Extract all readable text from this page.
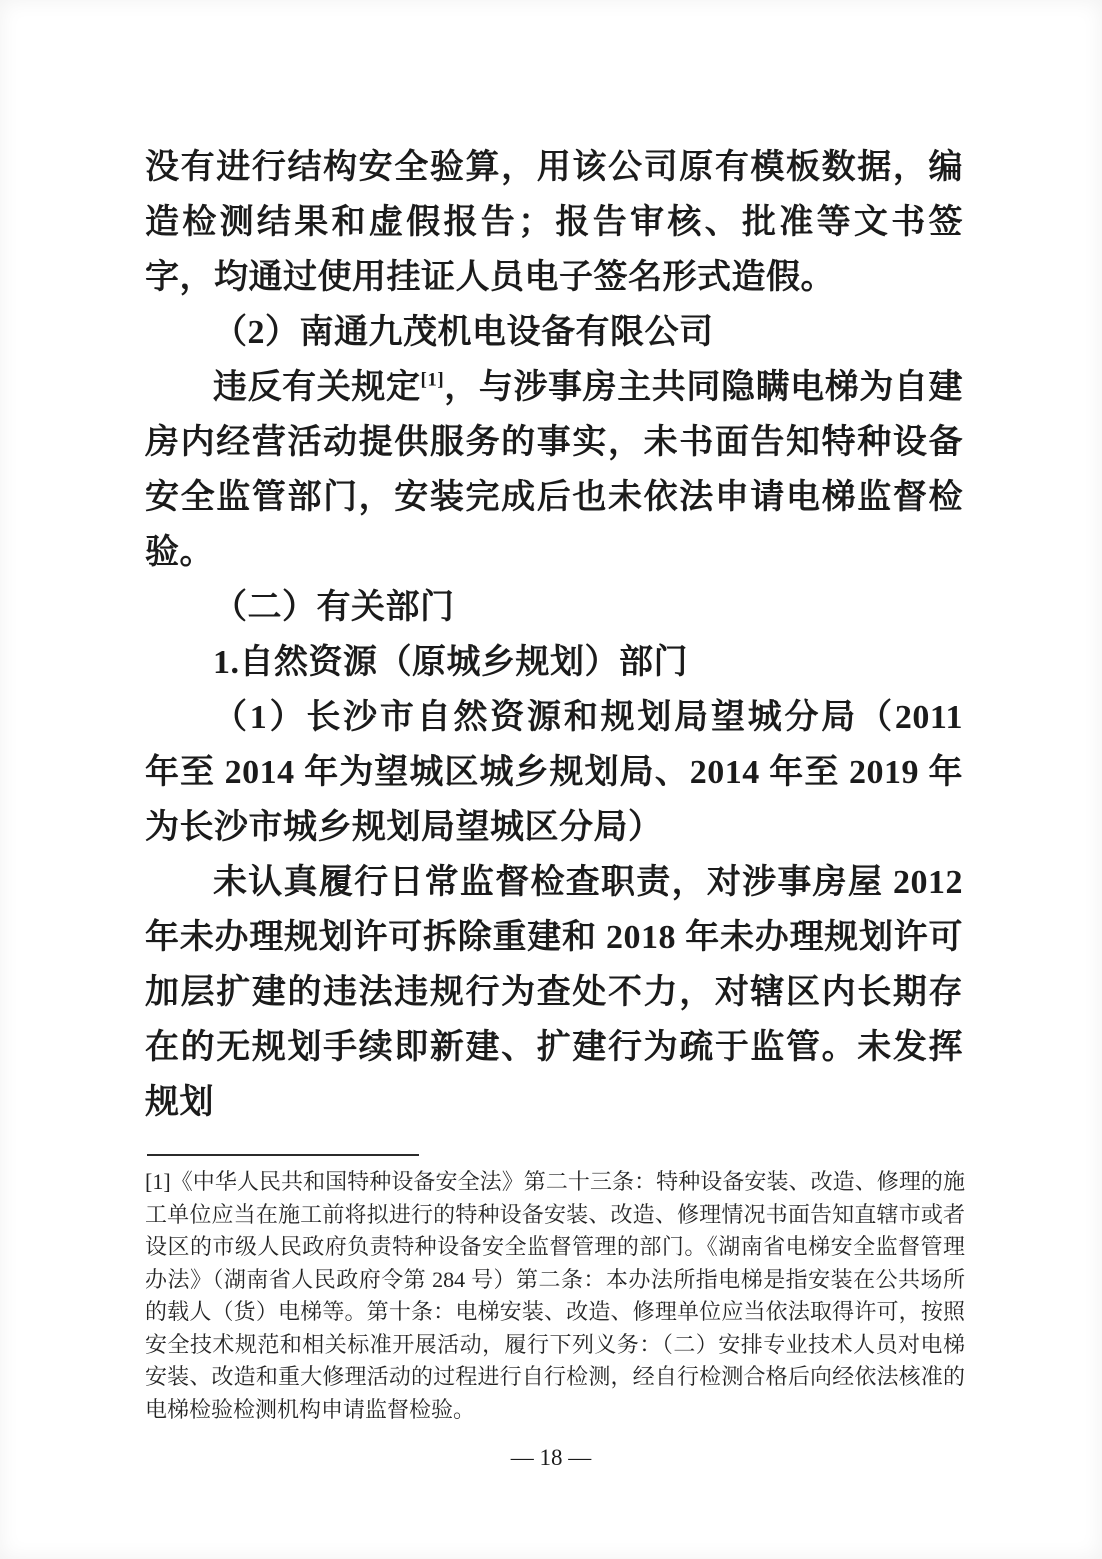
没有进行结构安全验算，用该公司原有模板数据，编造检测结果和虚假报告；报告审核、批准等文书签字，均通过使用挂证人员电子签名形式造假。

（2）南通九茂机电设备有限公司

违反有关规定[1]，与涉事房主共同隐瞒电梯为自建房内经营活动提供服务的事实，未书面告知特种设备安全监管部门，安装完成后也未依法申请电梯监督检验。

（二）有关部门

1.自然资源（原城乡规划）部门

（1）长沙市自然资源和规划局望城分局（2011 年至 2014 年为望城区城乡规划局、2014 年至 2019 年为长沙市城乡规划局望城区分局）

未认真履行日常监督检查职责，对涉事房屋 2012 年未办理规划许可拆除重建和 2018 年未办理规划许可加层扩建的违法违规行为查处不力，对辖区内长期存在的无规划手续即新建、扩建行为疏于监管。未发挥规划

[1]《中华人民共和国特种设备安全法》第二十三条：特种设备安装、改造、修理的施工单位应当在施工前将拟进行的特种设备安装、改造、修理情况书面告知直辖市或者设区的市级人民政府负责特种设备安全监督管理的部门。《湖南省电梯安全监督管理办法》（湖南省人民政府令第 284 号）第二条：本办法所指电梯是指安装在公共场所的载人（货）电梯等。第十条：电梯安装、改造、修理单位应当依法取得许可，按照安全技术规范和相关标准开展活动，履行下列义务：（二）安排专业技术人员对电梯安装、改造和重大修理活动的过程进行自行检测，经自行检测合格后向经依法核准的电梯检验检测机构申请监督检验。
— 18 —
